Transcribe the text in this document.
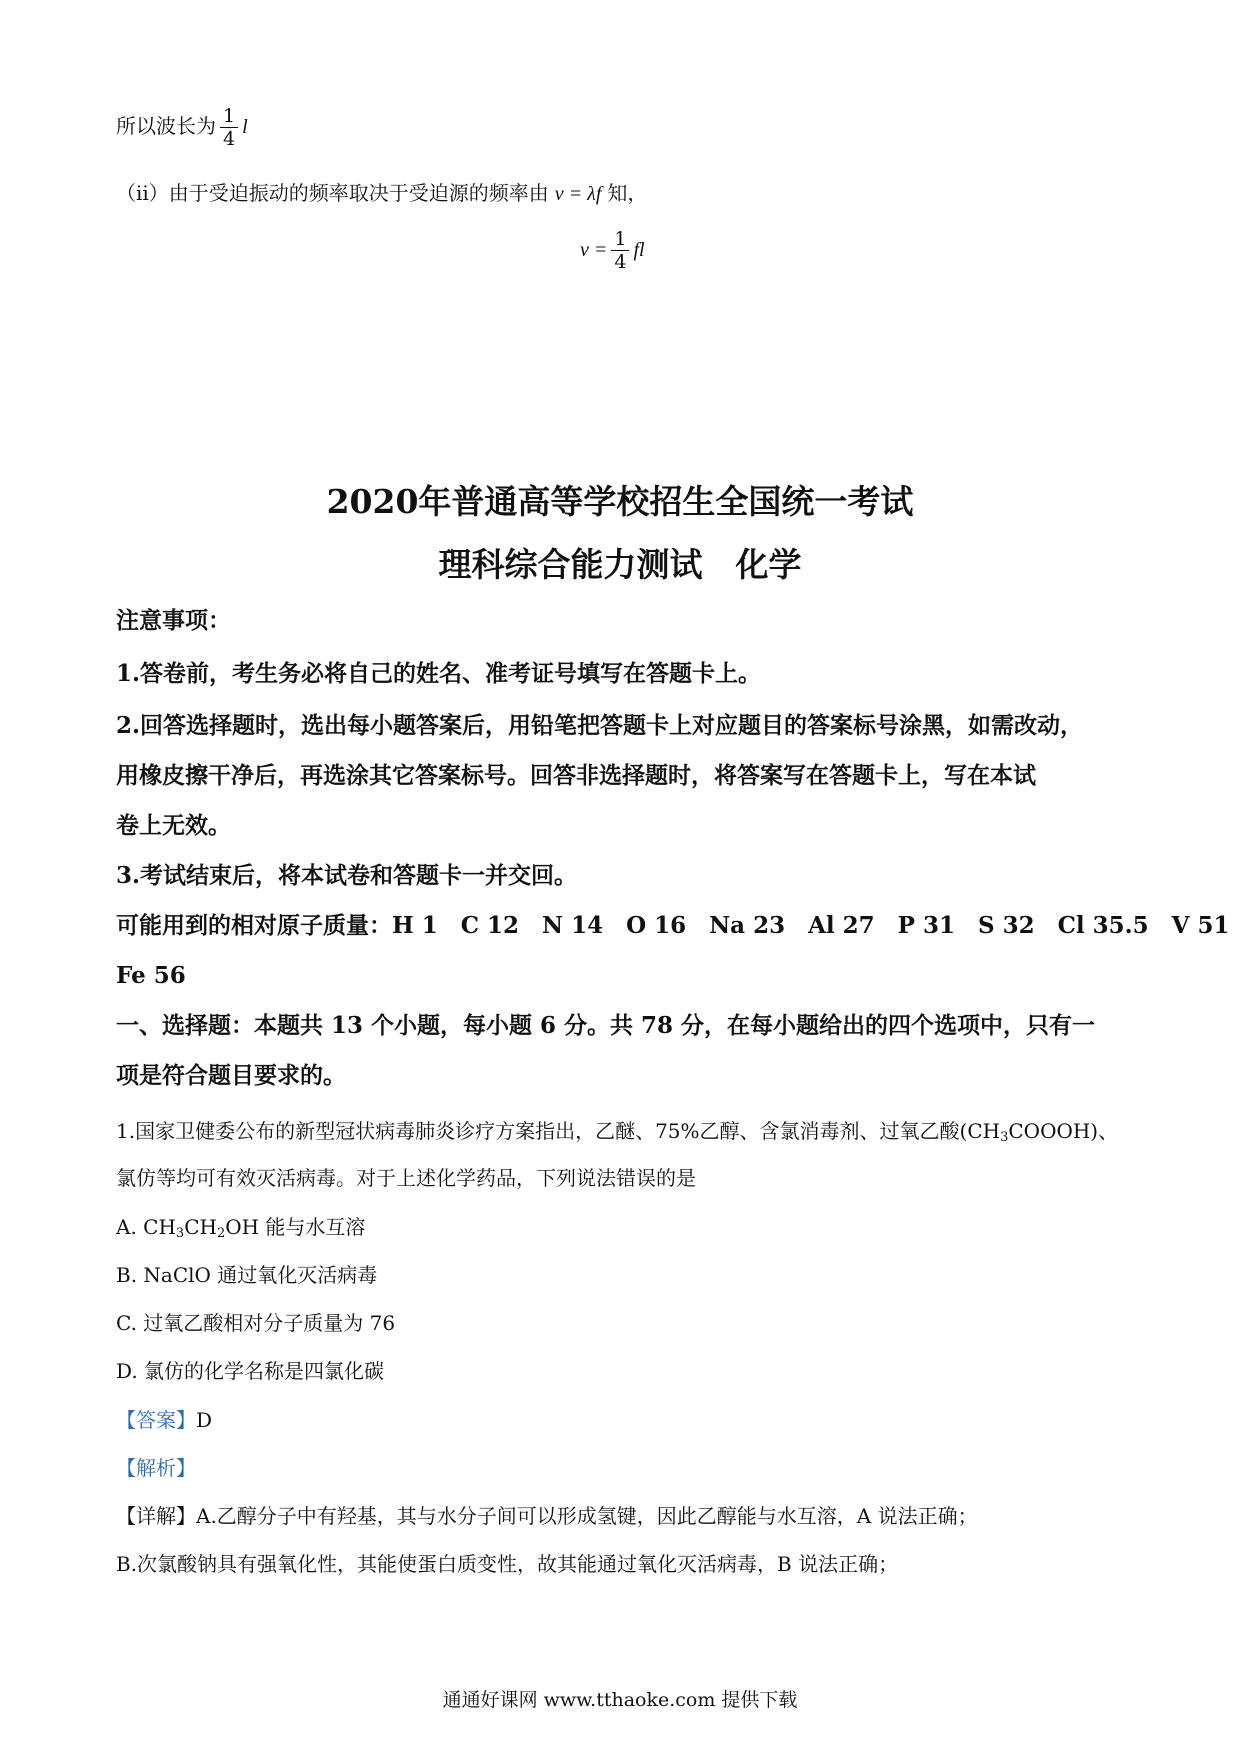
所以波长为 $\frac{1}{4}$ l
（ii）由于受迫振动的频率取决于受迫源的频率由 v = λf 知，
$v = \frac{1}{4}$ fl
2020年普通高等学校招生全国统一考试
理科综合能力测试　化学
注意事项：
1.答卷前，考生务必将自己的姓名、准考证号填写在答题卡上。
2.回答选择题时，选出每小题答案后，用铅笔把答题卡上对应题目的答案标号涂黑，如需改动，
用橡皮擦干净后，再选涂其它答案标号。回答非选择题时，将答案写在答题卡上，写在本试
卷上无效。
3.考试结束后，将本试卷和答题卡一并交回。
可能用到的相对原子质量：H 1　C 12　N 14　O 16　Na 23　Al 27　P 31　S 32　Cl 35.5　V 51
Fe 56
一、选择题：本题共 13 个小题，每小题 6 分。共 78 分，在每小题给出的四个选项中，只有一
项是符合题目要求的。
1.国家卫健委公布的新型冠状病毒肺炎诊疗方案指出，乙醚、75%乙醇、含氯消毒剂、过氧乙酸$(CH_3COOOH)$、
氯仿等均可有效灭活病毒。对于上述化学药品，下列说法错误的是
A. $CH_3CH_2OH$ 能与水互溶
B. NaClO 通过氧化灭活病毒
C. 过氧乙酸相对分子质量为 76
D. 氯仿的化学名称是四氯化碳
【答案】D
【解析】
【详解】A.乙醇分子中有羟基，其与水分子间可以形成氢键，因此乙醇能与水互溶，A 说法正确；
B.次氯酸钠具有强氧化性，其能使蛋白质变性，故其能通过氧化灭活病毒，B 说法正确；
通通好课网 www.tthaoke.com 提供下载
